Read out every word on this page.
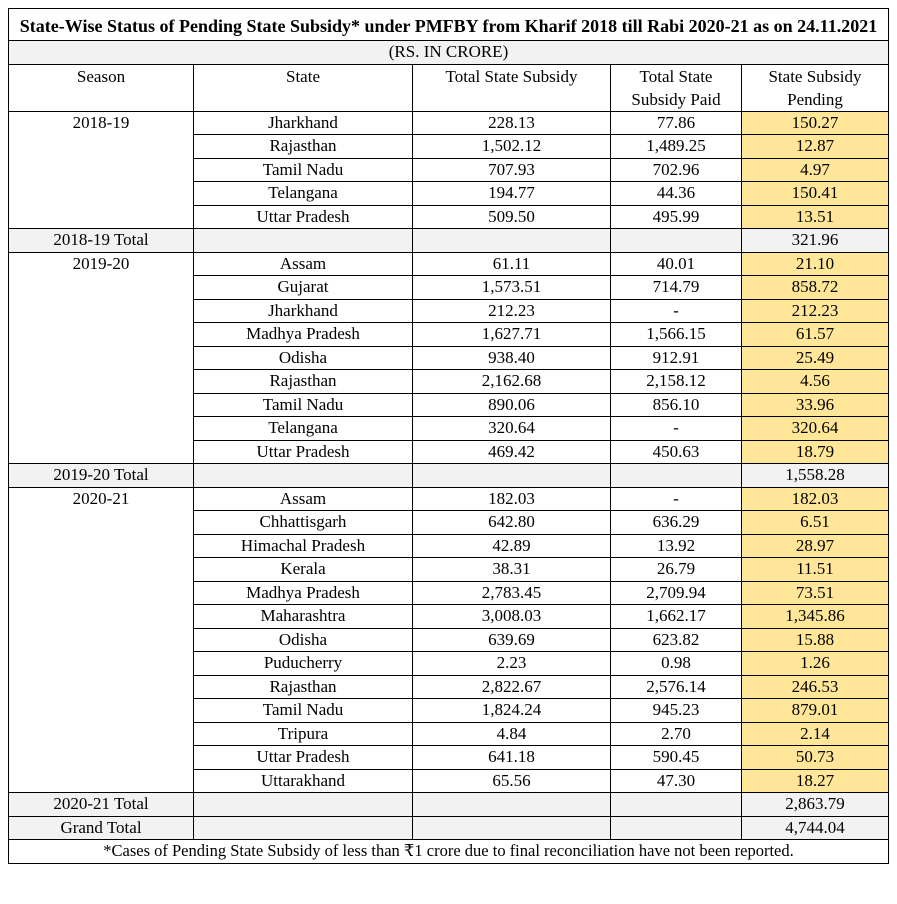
State-Wise Status of Pending State Subsidy* under PMFBY from Kharif 2018 till Rabi 2020-21 as on 24.11.2021				
(RS. IN CRORE)				
Season	State	Total State Subsidy	Total State Subsidy Paid	State Subsidy Pending
2018-19	Jharkhand	228.13	77.86	150.27
	Rajasthan	1,502.12	1,489.25	12.87
	Tamil Nadu	707.93	702.96	4.97
	Telangana	194.77	44.36	150.41
	Uttar Pradesh	509.50	495.99	13.51
2018-19 Total				321.96
2019-20	Assam	61.11	40.01	21.10
	Gujarat	1,573.51	714.79	858.72
	Jharkhand	212.23	-	212.23
	Madhya Pradesh	1,627.71	1,566.15	61.57
	Odisha	938.40	912.91	25.49
	Rajasthan	2,162.68	2,158.12	4.56
	Tamil Nadu	890.06	856.10	33.96
	Telangana	320.64	-	320.64
	Uttar Pradesh	469.42	450.63	18.79
2019-20 Total				1,558.28
2020-21	Assam	182.03	-	182.03
	Chhattisgarh	642.80	636.29	6.51
	Himachal Pradesh	42.89	13.92	28.97
	Kerala	38.31	26.79	11.51
	Madhya Pradesh	2,783.45	2,709.94	73.51
	Maharashtra	3,008.03	1,662.17	1,345.86
	Odisha	639.69	623.82	15.88
	Puducherry	2.23	0.98	1.26
	Rajasthan	2,822.67	2,576.14	246.53
	Tamil Nadu	1,824.24	945.23	879.01
	Tripura	4.84	2.70	2.14
	Uttar Pradesh	641.18	590.45	50.73
	Uttarakhand	65.56	47.30	18.27
2020-21 Total				2,863.79
Grand Total				4,744.04
*Cases of Pending State Subsidy of less than ₹1 crore due to final reconciliation have not been reported.				
